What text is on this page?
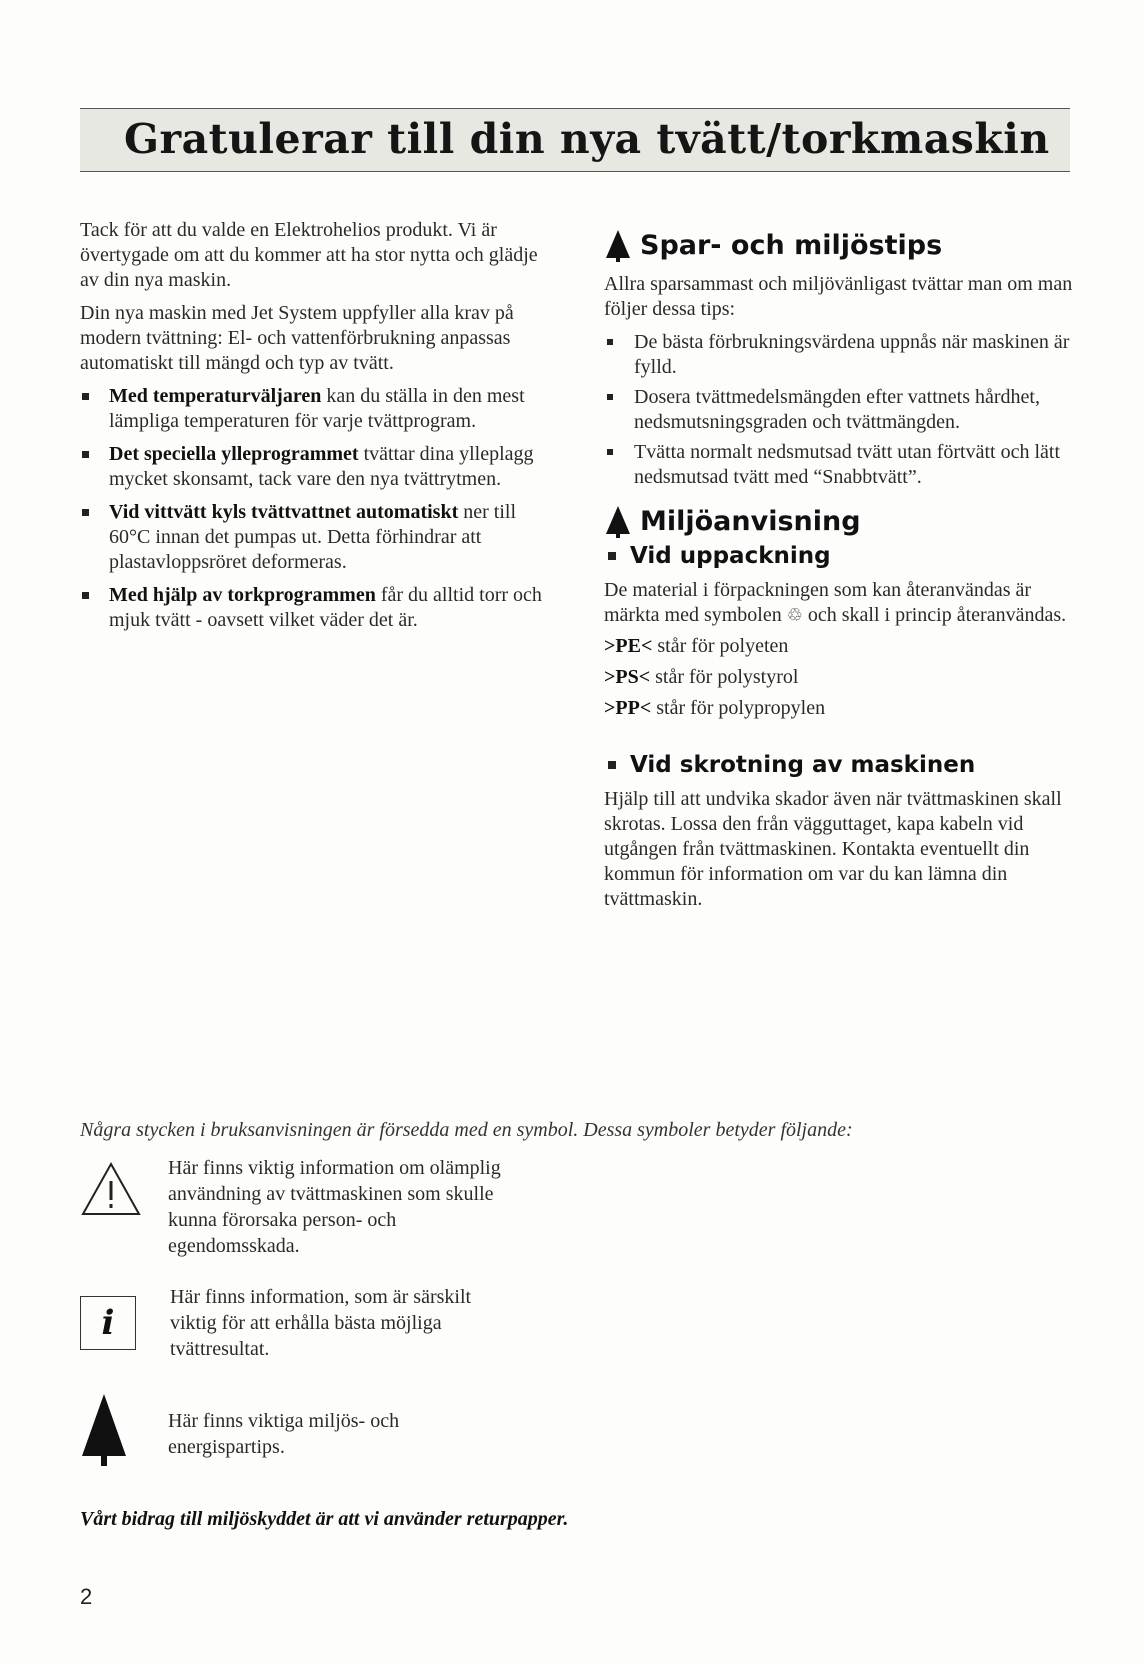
Gratulerar till din nya tvätt/torkmaskin

Tack för att du valde en Elektrohelios produkt. Vi är övertygade om att du kommer att ha stor nytta och glädje av din nya maskin.

Din nya maskin med Jet System uppfyller alla krav på modern tvättning: El- och vattenförbrukning anpassas automatiskt till mängd och typ av tvätt.

Med temperaturväljaren kan du ställa in den mest lämpliga temperaturen för varje tvättprogram.
Det speciella ylleprogrammet tvättar dina ylleplagg mycket skonsamt, tack vare den nya tvättrytmen.
Vid vittvätt kyls tvättvattnet automatiskt ner till 60°C innan det pumpas ut. Detta förhindrar att plastavloppsröret deformeras.
Med hjälp av torkprogrammen får du alltid torr och mjuk tvätt - oavsett vilket väder det är.
Spar- och miljöstips

Allra sparsammast och miljövänligast tvättar man om man följer dessa tips:

De bästa förbrukningsvärdena uppnås när maskinen är fylld.
Dosera tvättmedelsmängden efter vattnets hårdhet, nedsmutsningsgraden och tvättmängden.
Tvätta normalt nedsmutsad tvätt utan förtvätt och lätt nedsmutsad tvätt med “Snabbtvätt”.
Miljöanvisning
Vid uppackning

De material i förpackningen som kan återanvändas är märkta med symbolen ♲ och skall i princip återanvändas.

>PE< står för polyeten

>PS< står för polystyrol

>PP< står för polypropylen

Vid skrotning av maskinen

Hjälp till att undvika skador även när tvättmaskinen skall skrotas. Lossa den från vägguttaget, kapa kabeln vid utgången från tvättmaskinen. Kontakta eventuellt din kommun för information om var du kan lämna din tvättmaskin.

Några stycken i bruksanvisningen är försedda med en symbol. Dessa symboler betyder följande:

Här finns viktig information om olämplig användning av tvättmaskinen som skulle kunna förorsaka person- och egendomsskada.
i
Här finns information, som är särskilt viktig för att erhålla bästa möjliga tvättresultat.
Här finns viktiga miljös- och energispartips.

Vårt bidrag till miljöskyddet är att vi använder returpapper.

2
